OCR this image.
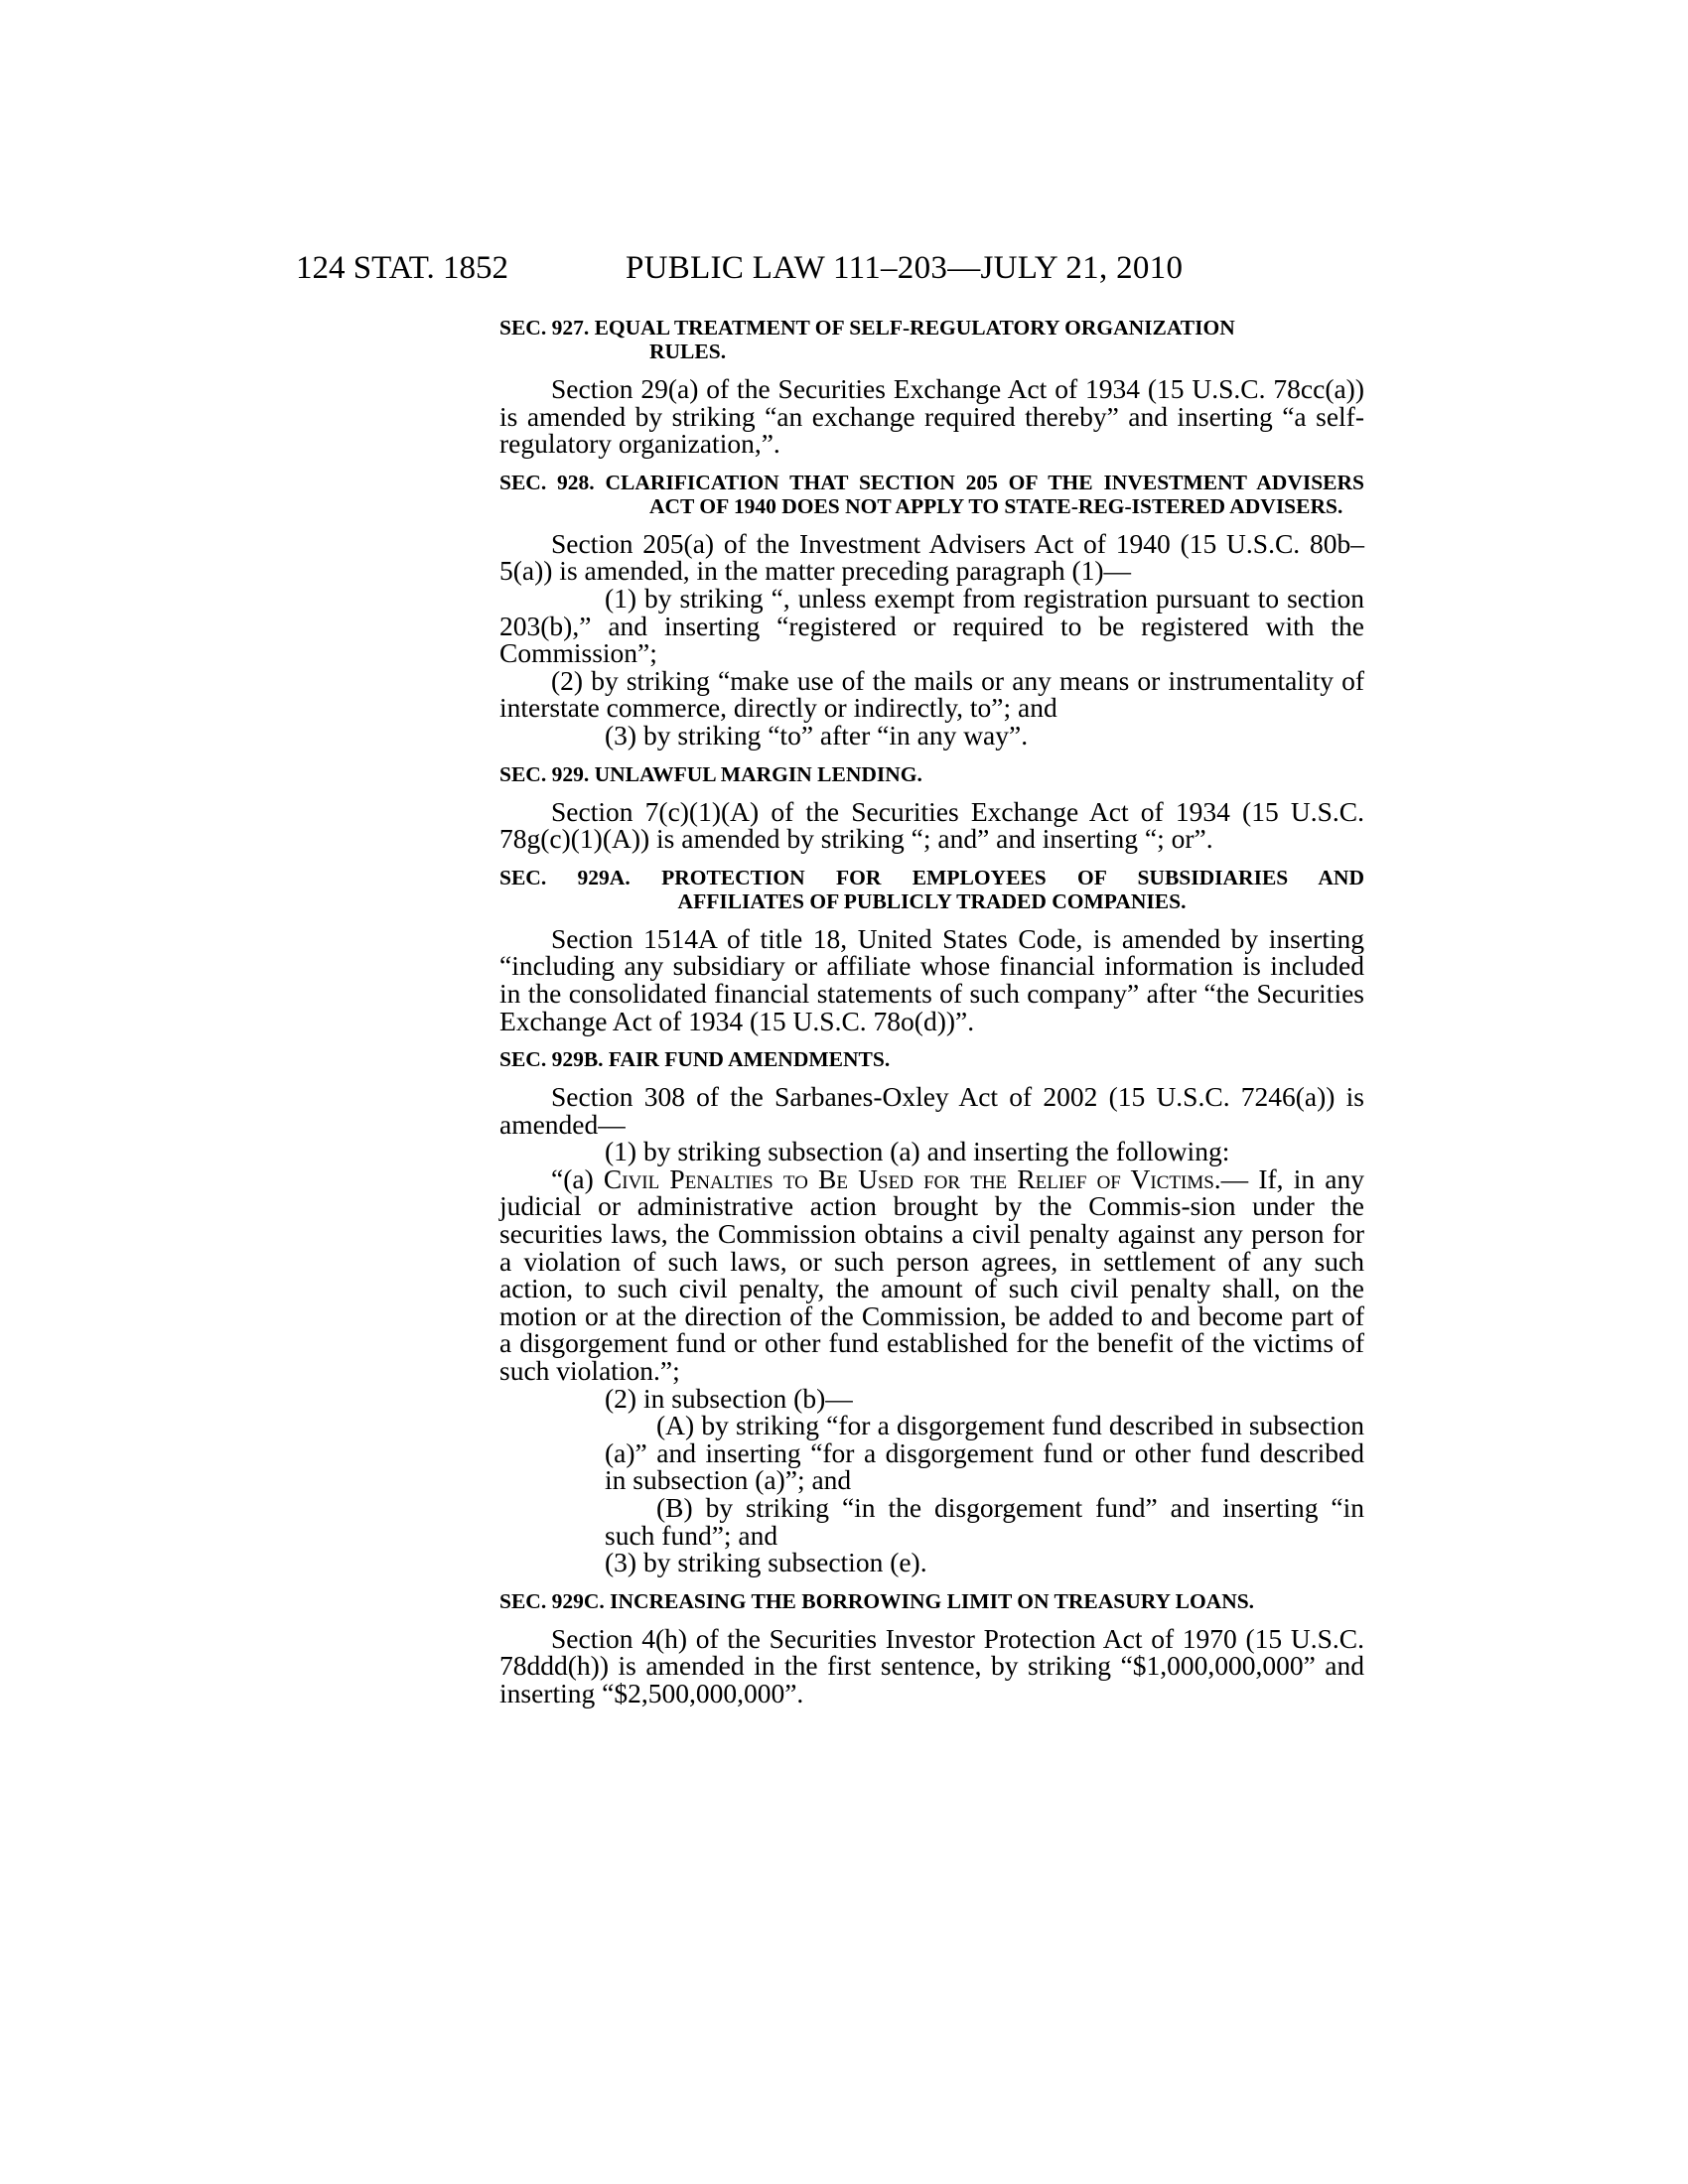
124 STAT. 1852	PUBLIC LAW 111–203—JULY 21, 2010
SEC. 927. EQUAL TREATMENT OF SELF-REGULATORY ORGANIZATION
RULES.

Section 29(a) of the Securities Exchange Act of 1934 (15 U.S.C. 78cc(a)) is amended by striking “an exchange required thereby” and inserting “a self-regulatory organization,”.

SEC. 928. CLARIFICATION THAT SECTION 205 OF THE INVESTMENT ADVISERS ACT OF 1940 DOES NOT APPLY TO STATE-REG-ISTERED ADVISERS.

Section 205(a) of the Investment Advisers Act of 1940 (15 U.S.C. 80b–5(a)) is amended, in the matter preceding paragraph (1)—

(1) by striking “, unless exempt from registration pursuant to section 203(b),” and inserting “registered or required to be registered with the Commission”;

(2) by striking “make use of the mails or any means or instrumentality of interstate commerce, directly or indirectly, to”; and

(3) by striking “to” after “in any way”.

SEC. 929. UNLAWFUL MARGIN LENDING.

Section 7(c)(1)(A) of the Securities Exchange Act of 1934 (15 U.S.C. 78g(c)(1)(A)) is amended by striking “; and” and inserting “; or”.

SEC. 929A. PROTECTION FOR EMPLOYEES OF SUBSIDIARIES AND
AFFILIATES OF PUBLICLY TRADED COMPANIES.

Section 1514A of title 18, United States Code, is amended by inserting “including any subsidiary or affiliate whose financial information is included in the consolidated financial statements of such company” after “the Securities Exchange Act of 1934 (15 U.S.C. 78o(d))”.

SEC. 929B. FAIR FUND AMENDMENTS.

Section 308 of the Sarbanes-Oxley Act of 2002 (15 U.S.C. 7246(a)) is amended—

(1) by striking subsection (a) and inserting the following:

“(a) Civil Penalties to Be Used for the Relief of Victims.— If, in any judicial or administrative action brought by the Commis-sion under the securities laws, the Commission obtains a civil penalty against any person for a violation of such laws, or such person agrees, in settlement of any such action, to such civil penalty, the amount of such civil penalty shall, on the motion or at the direction of the Commission, be added to and become part of a disgorgement fund or other fund established for the benefit of the victims of such violation.”;

(2) in subsection (b)—

(A) by striking “for a disgorgement fund described in subsection (a)” and inserting “for a disgorgement fund or other fund described in subsection (a)”; and

(B) by striking “in the disgorgement fund” and inserting “in such fund”; and

(3) by striking subsection (e).

SEC. 929C. INCREASING THE BORROWING LIMIT ON TREASURY LOANS.

Section 4(h) of the Securities Investor Protection Act of 1970 (15 U.S.C. 78ddd(h)) is amended in the first sentence, by striking “$1,000,000,000” and inserting “$2,500,000,000”.
